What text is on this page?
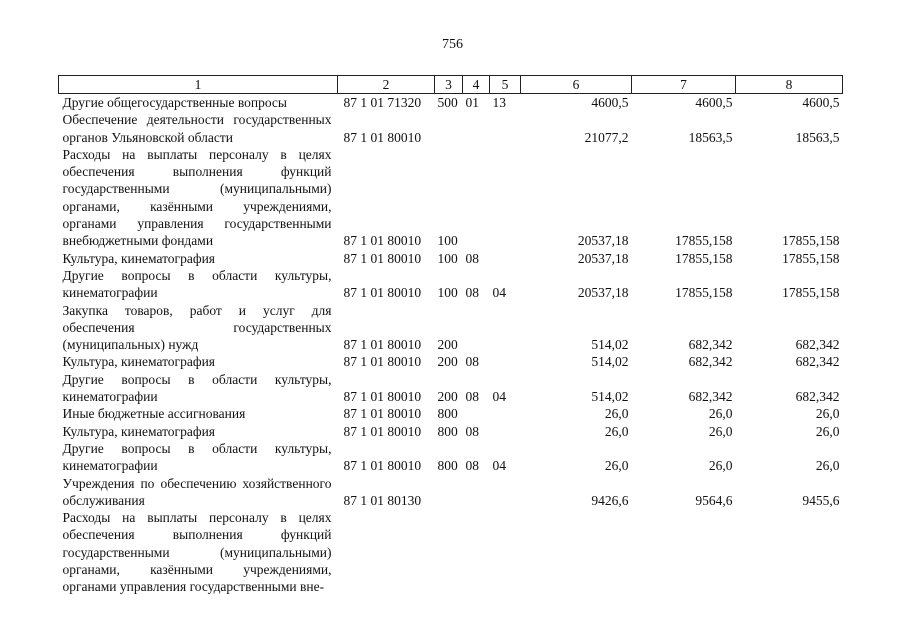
756
1	2	3	4	5	6	7	8
Другие общегосударственные вопросы	87 1 01 71320	500	01	13	4600,5	4600,5	4600,5
Обеспечение деятельности государственных органов Ульяновской области	87 1 01 80010				21077,2	18563,5	18563,5
Расходы на выплаты персоналу в целях обеспечения выполнения функций государственными (муниципальными) органами, казёнными учреждениями, органами управления государственными внебюджетными фондами	87 1 01 80010	100			20537,18	17855,158	17855,158
Культура, кинематография	87 1 01 80010	100	08		20537,18	17855,158	17855,158
Другие вопросы в области культуры, кинематографии	87 1 01 80010	100	08	04	20537,18	17855,158	17855,158
Закупка товаров, работ и услуг для обеспечения государственных (муниципальных) нужд	87 1 01 80010	200			514,02	682,342	682,342
Культура, кинематография	87 1 01 80010	200	08		514,02	682,342	682,342
Другие вопросы в области культуры, кинематографии	87 1 01 80010	200	08	04	514,02	682,342	682,342
Иные бюджетные ассигнования	87 1 01 80010	800			26,0	26,0	26,0
Культура, кинематография	87 1 01 80010	800	08		26,0	26,0	26,0
Другие вопросы в области культуры, кинематографии	87 1 01 80010	800	08	04	26,0	26,0	26,0
Учреждения по обеспечению хозяйственного обслуживания	87 1 01 80130				9426,6	9564,6	9455,6
Расходы на выплаты персоналу в целях обеспечения выполнения функций государственными (муниципальными) органами, казёнными учреждениями, органами управления государственными вне-							
